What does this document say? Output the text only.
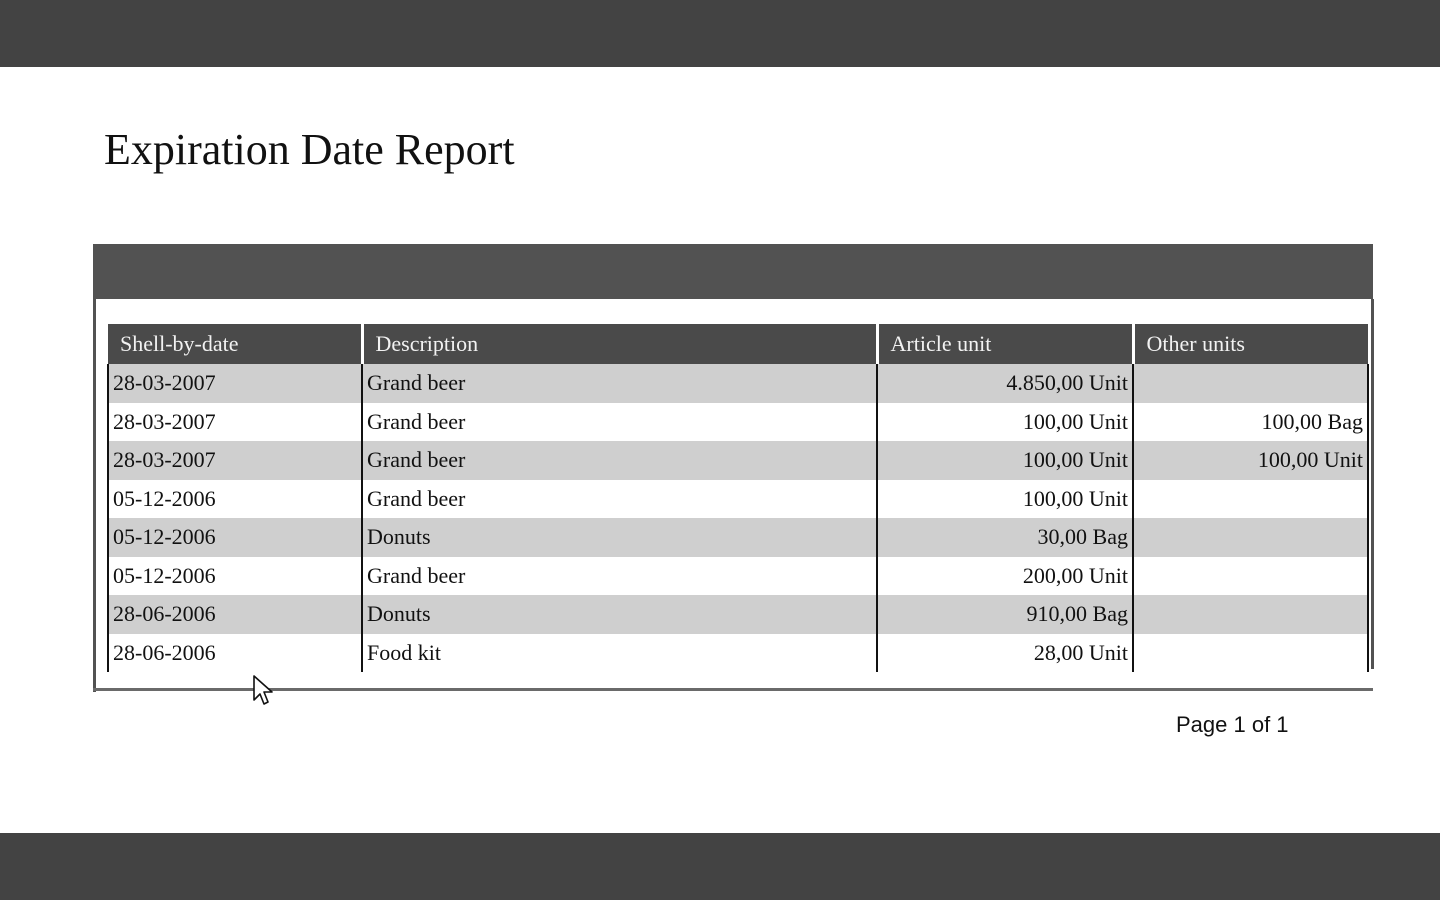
Expiration Date Report
Shell-by-date	Description	Article unit	Other units
28-03-2007	Grand beer	4.850,00 Unit	
28-03-2007	Grand beer	100,00 Unit	100,00 Bag
28-03-2007	Grand beer	100,00 Unit	100,00 Unit
05-12-2006	Grand beer	100,00 Unit	
05-12-2006	Donuts	30,00 Bag	
05-12-2006	Grand beer	200,00 Unit	
28-06-2006	Donuts	910,00 Bag	
28-06-2006	Food kit	28,00 Unit	
Page 1 of 1
